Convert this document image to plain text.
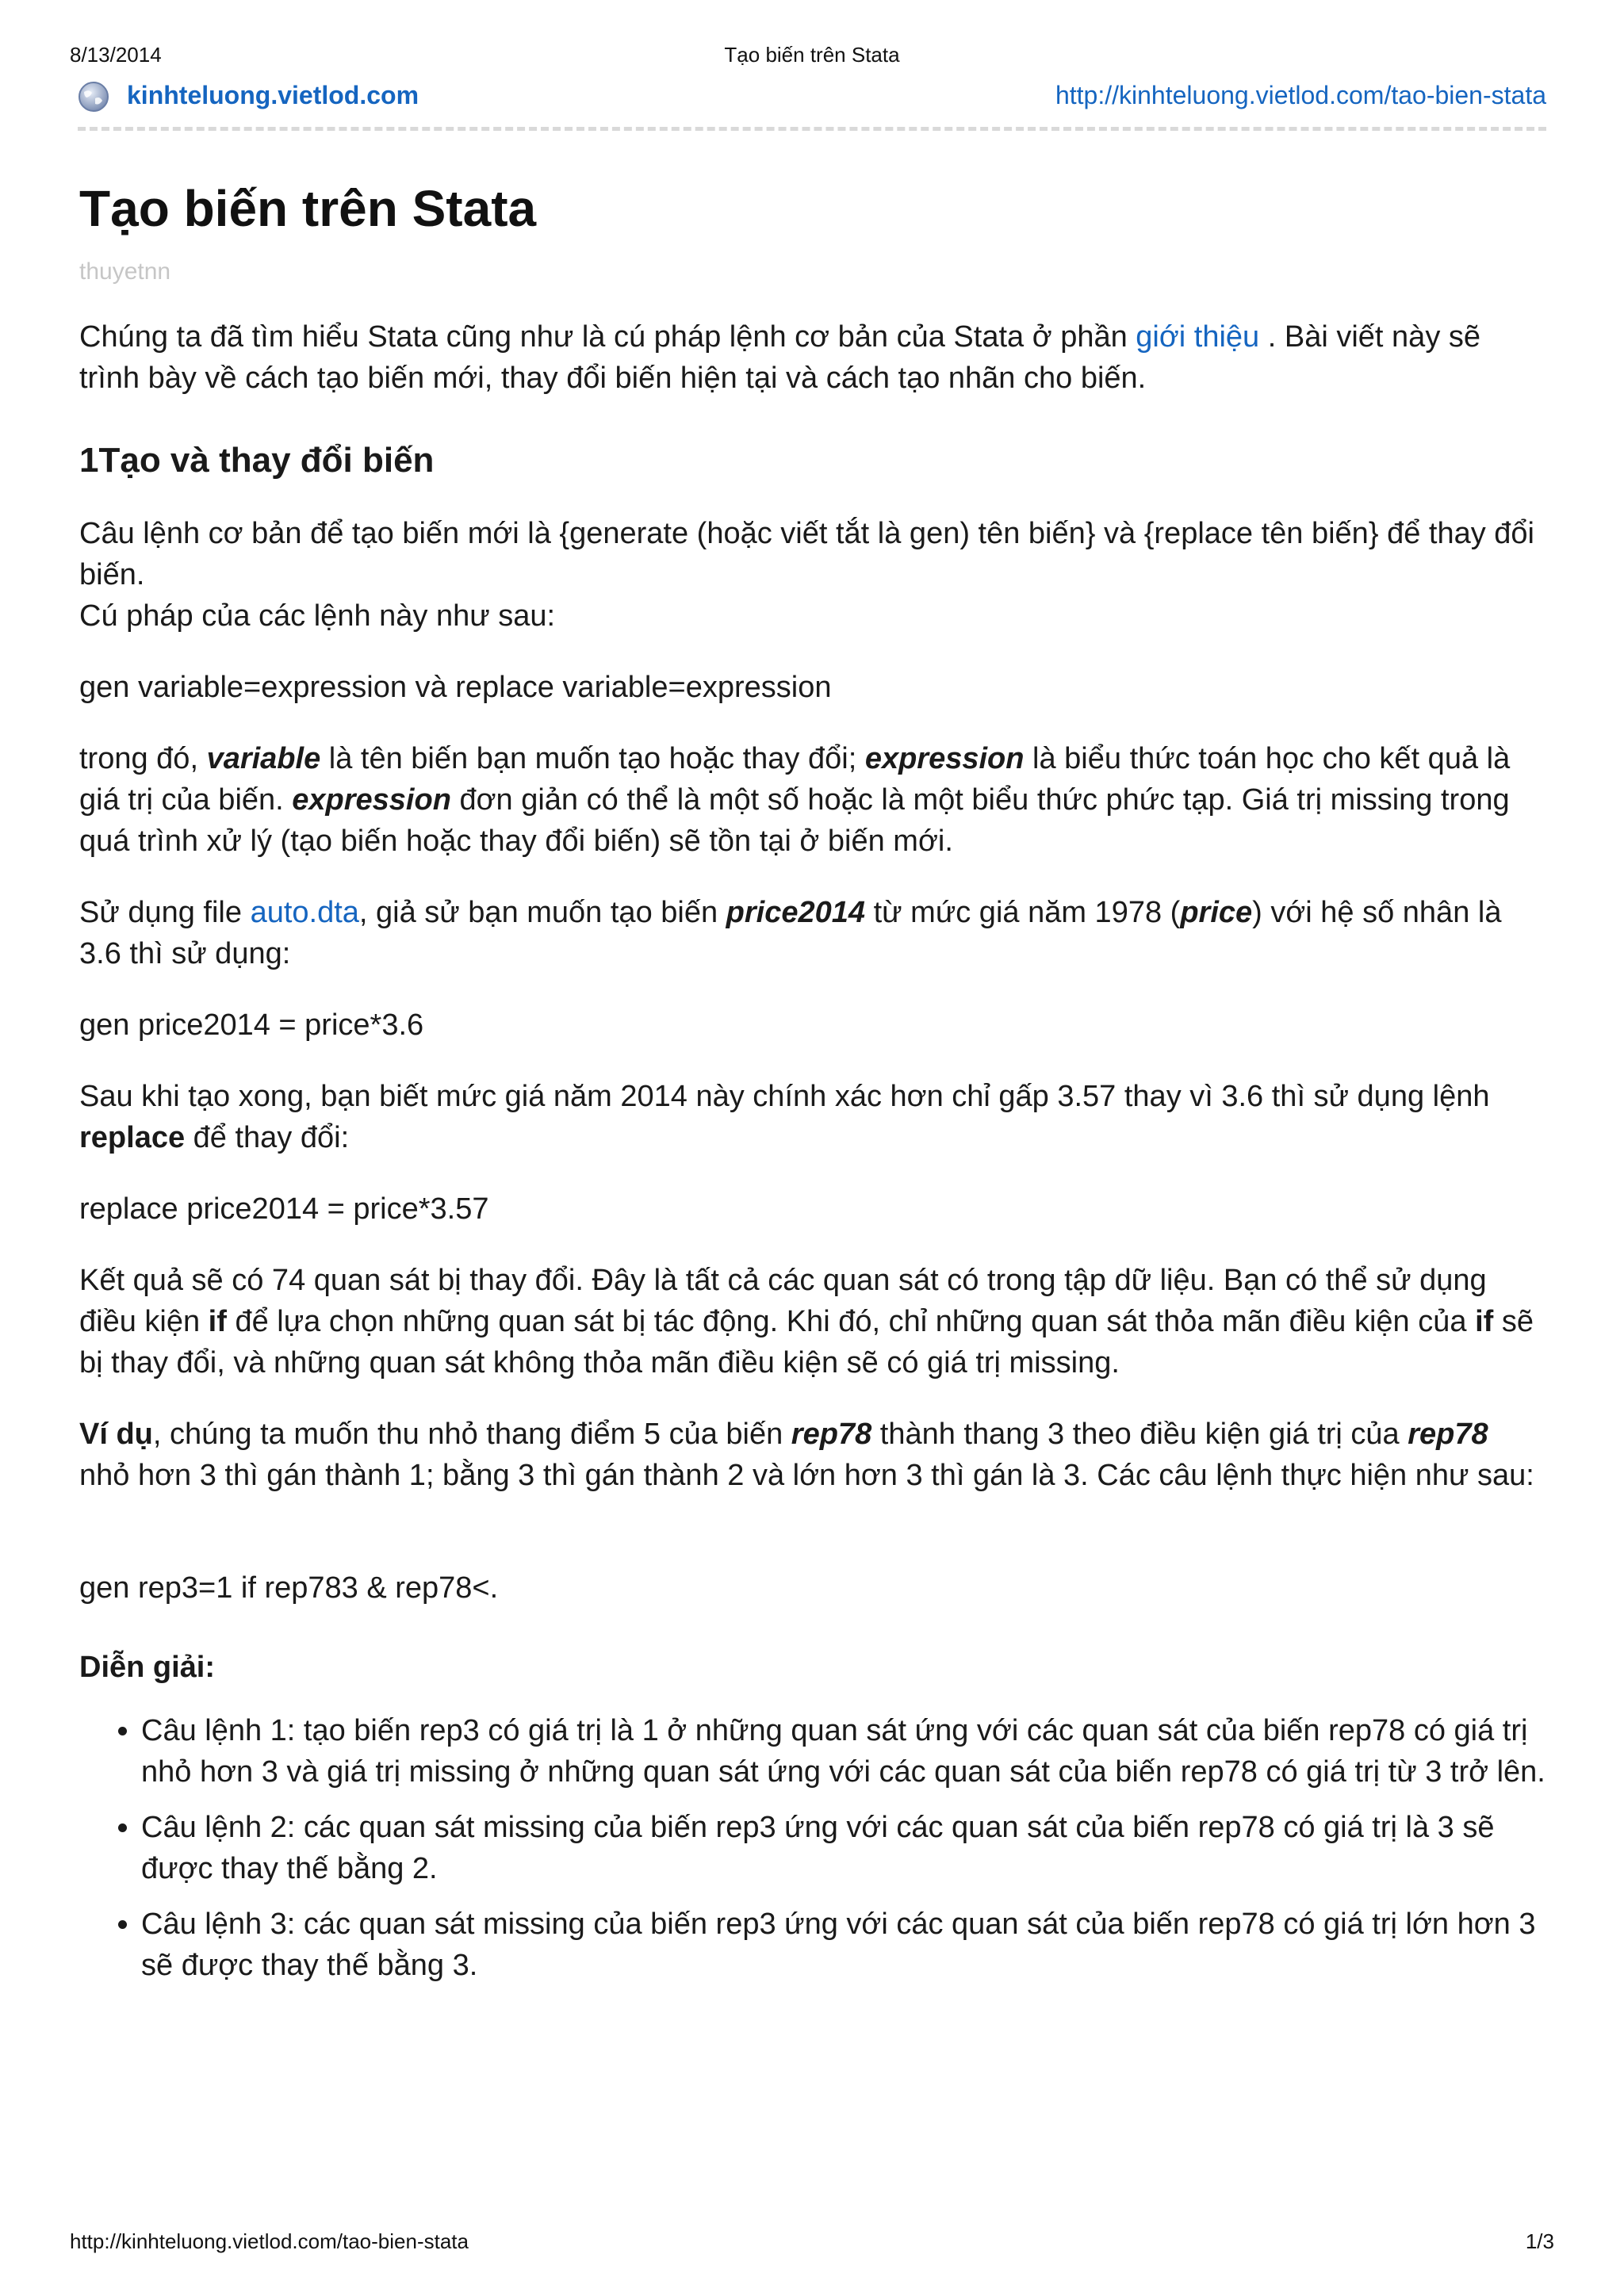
8/13/2014	Tạo biến trên Stata
kinhteluong.vietlod.com	http://kinhteluong.vietlod.com/tao-bien-stata
Tạo biến trên Stata
thuyetnn

Chúng ta đã tìm hiểu Stata cũng như là cú pháp lệnh cơ bản của Stata ở phần giới thiệu . Bài viết này sẽ trình bày về cách tạo biến mới, thay đổi biến hiện tại và cách tạo nhãn cho biến.

1Tạo và thay đổi biến

Câu lệnh cơ bản để tạo biến mới là {generate (hoặc viết tắt là gen) tên biến} và {replace tên biến} để thay đổi biến.
Cú pháp của các lệnh này như sau:

gen variable=expression và replace variable=expression

trong đó, variable là tên biến bạn muốn tạo hoặc thay đổi; expression là biểu thức toán học cho kết quả là giá trị của biến. expression đơn giản có thể là một số hoặc là một biểu thức phức tạp. Giá trị missing trong quá trình xử lý (tạo biến hoặc thay đổi biến) sẽ tồn tại ở biến mới.

Sử dụng file auto.dta, giả sử bạn muốn tạo biến price2014 từ mức giá năm 1978 (price) với hệ số nhân là 3.6 thì sử dụng:

gen price2014 = price*3.6

Sau khi tạo xong, bạn biết mức giá năm 2014 này chính xác hơn chỉ gấp 3.57 thay vì 3.6 thì sử dụng lệnh replace để thay đổi:

replace price2014 = price*3.57

Kết quả sẽ có 74 quan sát bị thay đổi. Đây là tất cả các quan sát có trong tập dữ liệu. Bạn có thể sử dụng điều kiện if để lựa chọn những quan sát bị tác động. Khi đó, chỉ những quan sát thỏa mãn điều kiện của if sẽ bị thay đổi, và những quan sát không thỏa mãn điều kiện sẽ có giá trị missing.

Ví dụ, chúng ta muốn thu nhỏ thang điểm 5 của biến rep78 thành thang 3 theo điều kiện giá trị của rep78 nhỏ hơn 3 thì gán thành 1; bằng 3 thì gán thành 2 và lớn hơn 3 thì gán là 3. Các câu lệnh thực hiện như sau:

gen rep3=1 if rep783 & rep78<.

Diễn giải:

• Câu lệnh 1: tạo biến rep3 có giá trị là 1 ở những quan sát ứng với các quan sát của biến rep78 có giá trị nhỏ hơn 3 và giá trị missing ở những quan sát ứng với các quan sát của biến rep78 có giá trị từ 3 trở lên.
• Câu lệnh 2: các quan sát missing của biến rep3 ứng với các quan sát của biến rep78 có giá trị là 3 sẽ được thay thế bằng 2.
• Câu lệnh 3: các quan sát missing của biến rep3 ứng với các quan sát của biến rep78 có giá trị lớn hơn 3 sẽ được thay thế bằng 3.
http://kinhteluong.vietlod.com/tao-bien-stata	1/3
